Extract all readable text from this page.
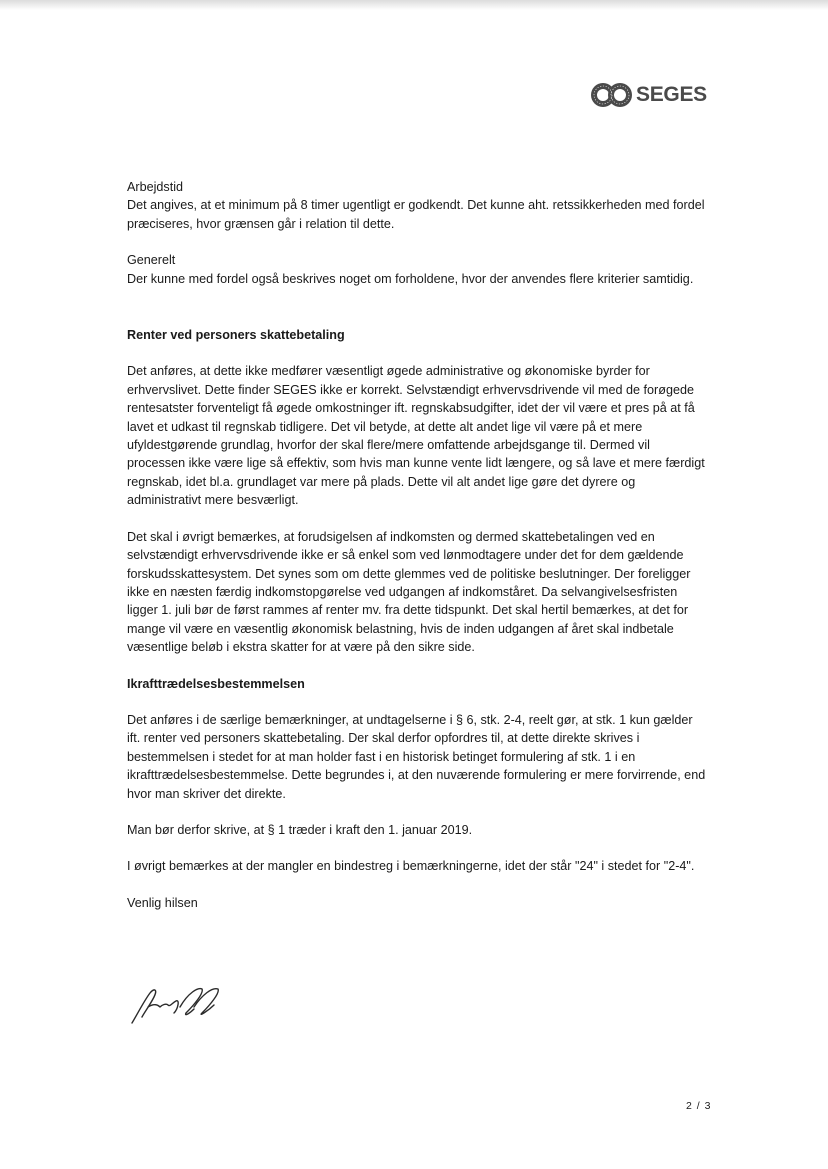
SEGES

Arbejdstid

Det angives, at et minimum på 8 timer ugentligt er godkendt. Det kunne aht. retssikkerheden med fordel præciseres, hvor grænsen går i relation til dette.

Generelt

Der kunne med fordel også beskrives noget om forholdene, hvor der anvendes flere kriterier samtidig.

Renter ved personers skattebetaling

Det anføres, at dette ikke medfører væsentligt øgede administrative og økonomiske byrder for erhvervslivet. Dette finder SEGES ikke er korrekt. Selvstændigt erhvervsdrivende vil med de forøgede rentesatster forventeligt få øgede omkostninger ift. regnskabsudgifter, idet der vil være et pres på at få lavet et udkast til regnskab tidligere. Det vil betyde, at dette alt andet lige vil være på et mere ufyldestgørende grundlag, hvorfor der skal flere/mere omfattende arbejdsgange til. Dermed vil processen ikke være lige så effektiv, som hvis man kunne vente lidt længere, og så lave et mere færdigt regnskab, idet bl.a. grundlaget var mere på plads. Dette vil alt andet lige gøre det dyrere og administrativt mere besværligt.

Det skal i øvrigt bemærkes, at forudsigelsen af indkomsten og dermed skattebetalingen ved en selvstændigt erhvervsdrivende ikke er så enkel som ved lønmodtagere under det for dem gældende forskudsskattesystem. Det synes som om dette glemmes ved de politiske beslutninger. Der foreligger ikke en næsten færdig indkomstopgørelse ved udgangen af indkomståret. Da selvangivelsesfristen ligger 1. juli bør de først rammes af renter mv. fra dette tidspunkt. Det skal hertil bemærkes, at det for mange vil være en væsentlig økonomisk belastning, hvis de inden udgangen af året skal indbetale væsentlige beløb i ekstra skatter for at være på den sikre side.

Ikrafttrædelsesbestemmelsen

Det anføres i de særlige bemærkninger, at undtagelserne i § 6, stk. 2-4, reelt gør, at stk. 1 kun gælder ift. renter ved personers skattebetaling. Der skal derfor opfordres til, at dette direkte skrives i bestemmelsen i stedet for at man holder fast i en historisk betinget formulering af stk. 1 i en ikrafttrædelsesbestemmelse. Dette begrundes i, at den nuværende formulering er mere forvirrende, end hvor man skriver det direkte.

Man bør derfor skrive, at § 1 træder i kraft den 1. januar 2019.

I øvrigt bemærkes at der mangler en bindestreg i bemærkningerne, idet der står "24" i stedet for "2-4".

Venlig hilsen

2 / 3
